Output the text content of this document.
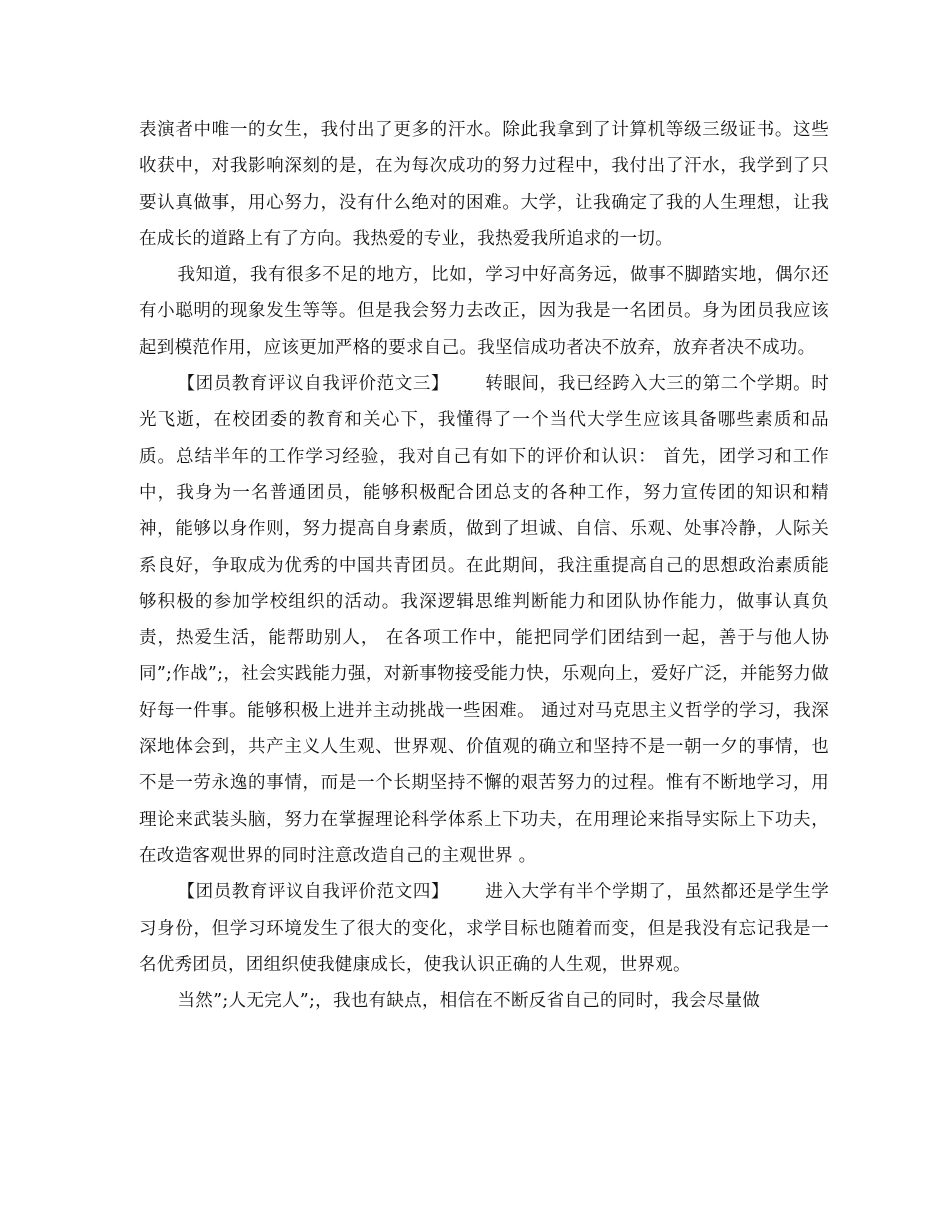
表演者中唯一的女生，我付出了更多的汗水。除此我拿到了计算机等级三级证书。这些收获中，对我影响深刻的是，在为每次成功的努力过程中，我付出了汗水，我学到了只要认真做事，用心努力，没有什么绝对的困难。大学，让我确定了我的人生理想，让我在成长的道路上有了方向。我热爱的专业，我热爱我所追求的一切。

我知道，我有很多不足的地方，比如，学习中好高务远，做事不脚踏实地，偶尔还有小聪明的现象发生等等。但是我会努力去改正，因为我是一名团员。身为团员我应该起到模范作用，应该更加严格的要求自己。我坚信成功者决不放弃，放弃者决不成功。

【团员教育评议自我评价范文三】 转眼间，我已经跨入大三的第二个学期。时光飞逝，在校团委的教育和关心下，我懂得了一个当代大学生应该具备哪些素质和品质。总结半年的工作学习经验，我对自己有如下的评价和认识： 首先，团学习和工作中，我身为一名普通团员，能够积极配合团总支的各种工作，努力宣传团的知识和精神，能够以身作则，努力提高自身素质，做到了坦诚、自信、乐观、处事冷静，人际关系良好，争取成为优秀的中国共青团员。在此期间，我注重提高自己的思想政治素质能够积极的参加学校组织的活动。我深逻辑思维判断能力和团队协作能力，做事认真负责，热爱生活，能帮助别人， 在各项工作中，能把同学们团结到一起，善于与他人协同”;作战”;，社会实践能力强，对新事物接受能力快，乐观向上，爱好广泛，并能努力做好每一件事。能够积极上进并主动挑战一些困难。 通过对马克思主义哲学的学习，我深深地体会到，共产主义人生观、世界观、价值观的确立和坚持不是一朝一夕的事情，也不是一劳永逸的事情，而是一个长期坚持不懈的艰苦努力的过程。惟有不断地学习，用理论来武装头脑，努力在掌握理论科学体系上下功夫，在用理论来指导实际上下功夫，在改造客观世界的同时注意改造自己的主观世界 。

【团员教育评议自我评价范文四】 进入大学有半个学期了，虽然都还是学生学习身份，但学习环境发生了很大的变化，求学目标也随着而变，但是我没有忘记我是一名优秀团员，团组织使我健康成长，使我认识正确的人生观，世界观。

当然”;人无完人”;，我也有缺点，相信在不断反省自己的同时，我会尽量做
